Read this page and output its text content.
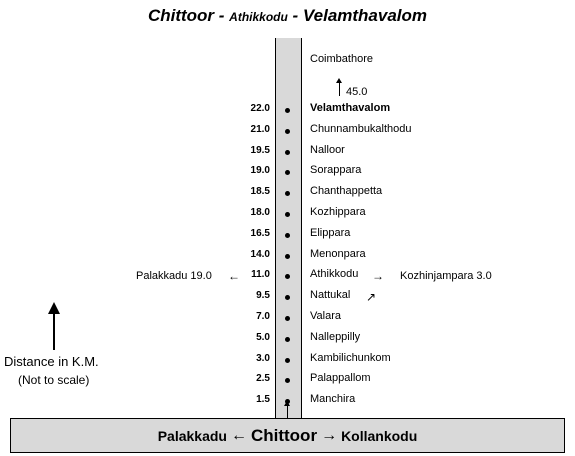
Chittoor - Athikkodu - Velamthavalom
Coimbathore
45.0
22.0	Velamthavalom
21.0	Chunnambukalthodu
19.5	Nalloor
19.0	Sorappara
18.5	Chanthappetta
18.0	Kozhippara
16.5	Elippara
14.0	Menonpara
11.0	Athikkodu
9.5	Nattukal
7.0	Valara
5.0	Nalleppilly
3.0	Kambilichunkom
2.5	Palappallom
1.5	Manchira
Palakkadu 19.0 ←	→ Kozhinjampara 3.0
↗
Distance in K.M.
(Not to scale)
Palakkadu ← Chittoor → Kollankodu
